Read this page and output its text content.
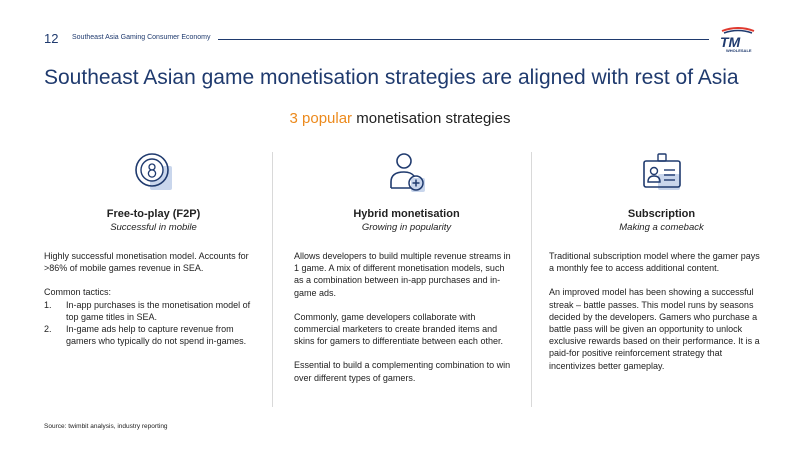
12 Southeast Asia Gaming Consumer Economy	TM
WHOLESALE
Southeast Asian game monetisation strategies are aligned with rest of Asia
3 popular monetisation strategies
Free-to-play (F2P)
Successful in mobile
Hybrid monetisation
Growing in popularity
Subscription
Making a comeback

Highly successful monetisation model. Accounts for >86% of mobile games revenue in SEA.

Common tactics:
1. In-app purchases is the monetisation model of top game titles in SEA.
2. In-game ads help to capture revenue from gamers who typically do not spend in-games.

Allows developers to build multiple revenue streams in 1 game. A mix of different monetisation models, such as a combination between in-app purchases and in-game ads.

Commonly, game developers collaborate with commercial marketers to create branded items and skins for gamers to differentiate between each other.

Essential to build a complementing combination to win over different types of gamers.

Traditional subscription model where the gamer pays a monthly fee to access additional content.

An improved model has been showing a successful streak – battle passes. This model runs by seasons decided by the developers. Gamers who purchase a battle pass will be given an opportunity to unlock exclusive rewards based on their performance. It is a paid-for positive reinforcement strategy that incentivizes better gameplay.

Source: twimbit analysis, industry reporting
